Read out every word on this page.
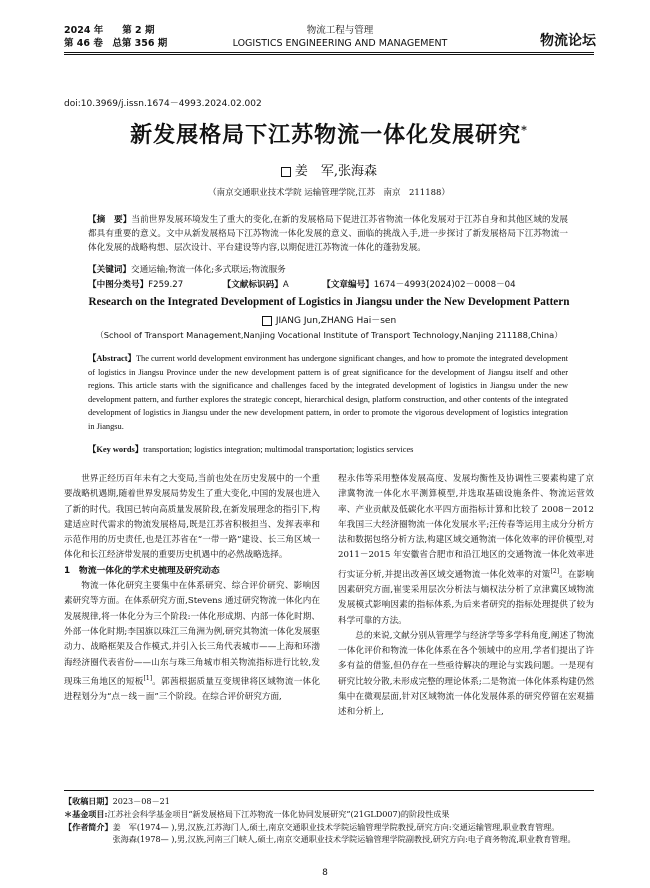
2024 年　　第 2 期
第 46 卷　总第 356 期
物流工程与管理
LOGISTICS ENGINEERING AND MANAGEMENT	物流论坛
doi:10.3969/j.issn.1674－4993.2024.02.002
新发展格局下江苏物流一体化发展研究*
姜　军,张海森
（南京交通职业技术学院 运输管理学院,江苏　南京　211188）
【摘　要】当前世界发展环境发生了重大的变化,在新的发展格局下促进江苏省物流一体化发展对于江苏自身和其他区域的发展都具有重要的意义。文中从新发展格局下江苏物流一体化发展的意义、面临的挑战入手,进一步探讨了新发展格局下江苏物流一体化发展的战略构想、层次设计、平台建设等内容,以期促进江苏物流一体化的蓬勃发展。
【关键词】交通运输;物流一体化;多式联运;物流服务
【中图分类号】F259.27	【文献标识码】A	【文章编号】1674－4993(2024)02－0008－04
Research on the Integrated Development of Logistics in Jiangsu under the New Development Pattern
JIANG Jun,ZHANG Hai－sen
（School of Transport Management,Nanjing Vocational Institute of Transport Technology,Nanjing 211188,China）
【Abstract】The current world development environment has undergone significant changes, and how to promote the integrated development of logistics in Jiangsu Province under the new development pattern is of great significance for the development of Jiangsu itself and other regions. This article starts with the significance and challenges faced by the integrated development of logistics in Jiangsu under the new development pattern, and further explores the strategic concept, hierarchical design, platform construction, and other contents of the integrated development of logistics in Jiangsu under the new development pattern, in order to promote the vigorous development of logistics integration in Jiangsu.
【Key words】transportation; logistics integration; multimodal transportation; logistics services

世界正经历百年未有之大变局,当前也处在历史发展中的一个重要战略机遇期,随着世界发展局势发生了重大变化,中国的发展也进入了新的时代。我国已转向高质量发展阶段,在新发展理念的指引下,构建适应时代需求的物流发展格局,既是江苏省积极担当、发挥表率和示范作用的历史责任,也是江苏省在“一带一路”建设、长三角区域一体化和长江经济带发展的重要历史机遇中的必然战略选择。

1　物流一体化的学术史梳理及研究动态

物流一体化研究主要集中在体系研究、综合评价研究、影响因素研究等方面。在体系研究方面,Stevens 通过研究物流一体化内在发展规律,将一体化分为三个阶段:一体化形成期、内部一体化时期、外部一体化时期;李国旗以珠江三角洲为例,研究其物流一体化发展驱动力、战略框架及合作模式,并引入长三角代表城市——上海和环渤海经济圈代表省份——山东与珠三角城市相关物流指标进行比较,发现珠三角地区的短板[1]。郭茜根据质量互变规律将区域物流一体化进程划分为“点－线－面”三个阶段。在综合评价研究方面,

程永伟等采用整体发展高度、发展均衡性及协调性三要素构建了京津冀物流一体化水平测算模型,并选取基础设施条件、物流运营效率、产业贡献及低碳化水平四方面指标计算和比较了 2008－2012 年我国三大经济圈物流一体化发展水平;汪传春等运用主成分分析方法和数据包络分析方法,构建区域交通物流一体化效率的评价模型,对 2011－2015 年安徽省合肥市和沿江地区的交通物流一体化效率进行实证分析,并提出改善区域交通物流一体化效率的对策[2]。在影响因素研究方面,崔雯采用层次分析法与熵权法分析了京津冀区域物流发展模式影响因素的指标体系,为后来者研究的指标处理提供了较为科学可靠的方法。

总的来说,文献分别从管理学与经济学等多学科角度,阐述了物流一体化评价和物流一体化体系在各个领域中的应用,学者们提出了许多有益的借鉴,但仍存在一些亟待解决的理论与实践问题。一是现有研究比较分散,未形成完整的理论体系;二是物流一体化体系构建仍然集中在微观层面,针对区域物流一体化发展体系的研究停留在宏观描述和分析上,

【收稿日期】2023－08－21
＊基金项目:江苏社会科学基金项目“新发展格局下江苏物流一体化协同发展研究”(21GLD007)的阶段性成果
【作者简介】 姜　军(1974— ),男,汉族,江苏海门人,硕士,南京交通职业技术学院运输管理学院教授,研究方向:交通运输管理,职业教育管理。
张海森(1978— ),男,汉族,河南三门峡人,硕士,南京交通职业技术学院运输管理学院副教授,研究方向:电子商务物流,职业教育管理。
8
